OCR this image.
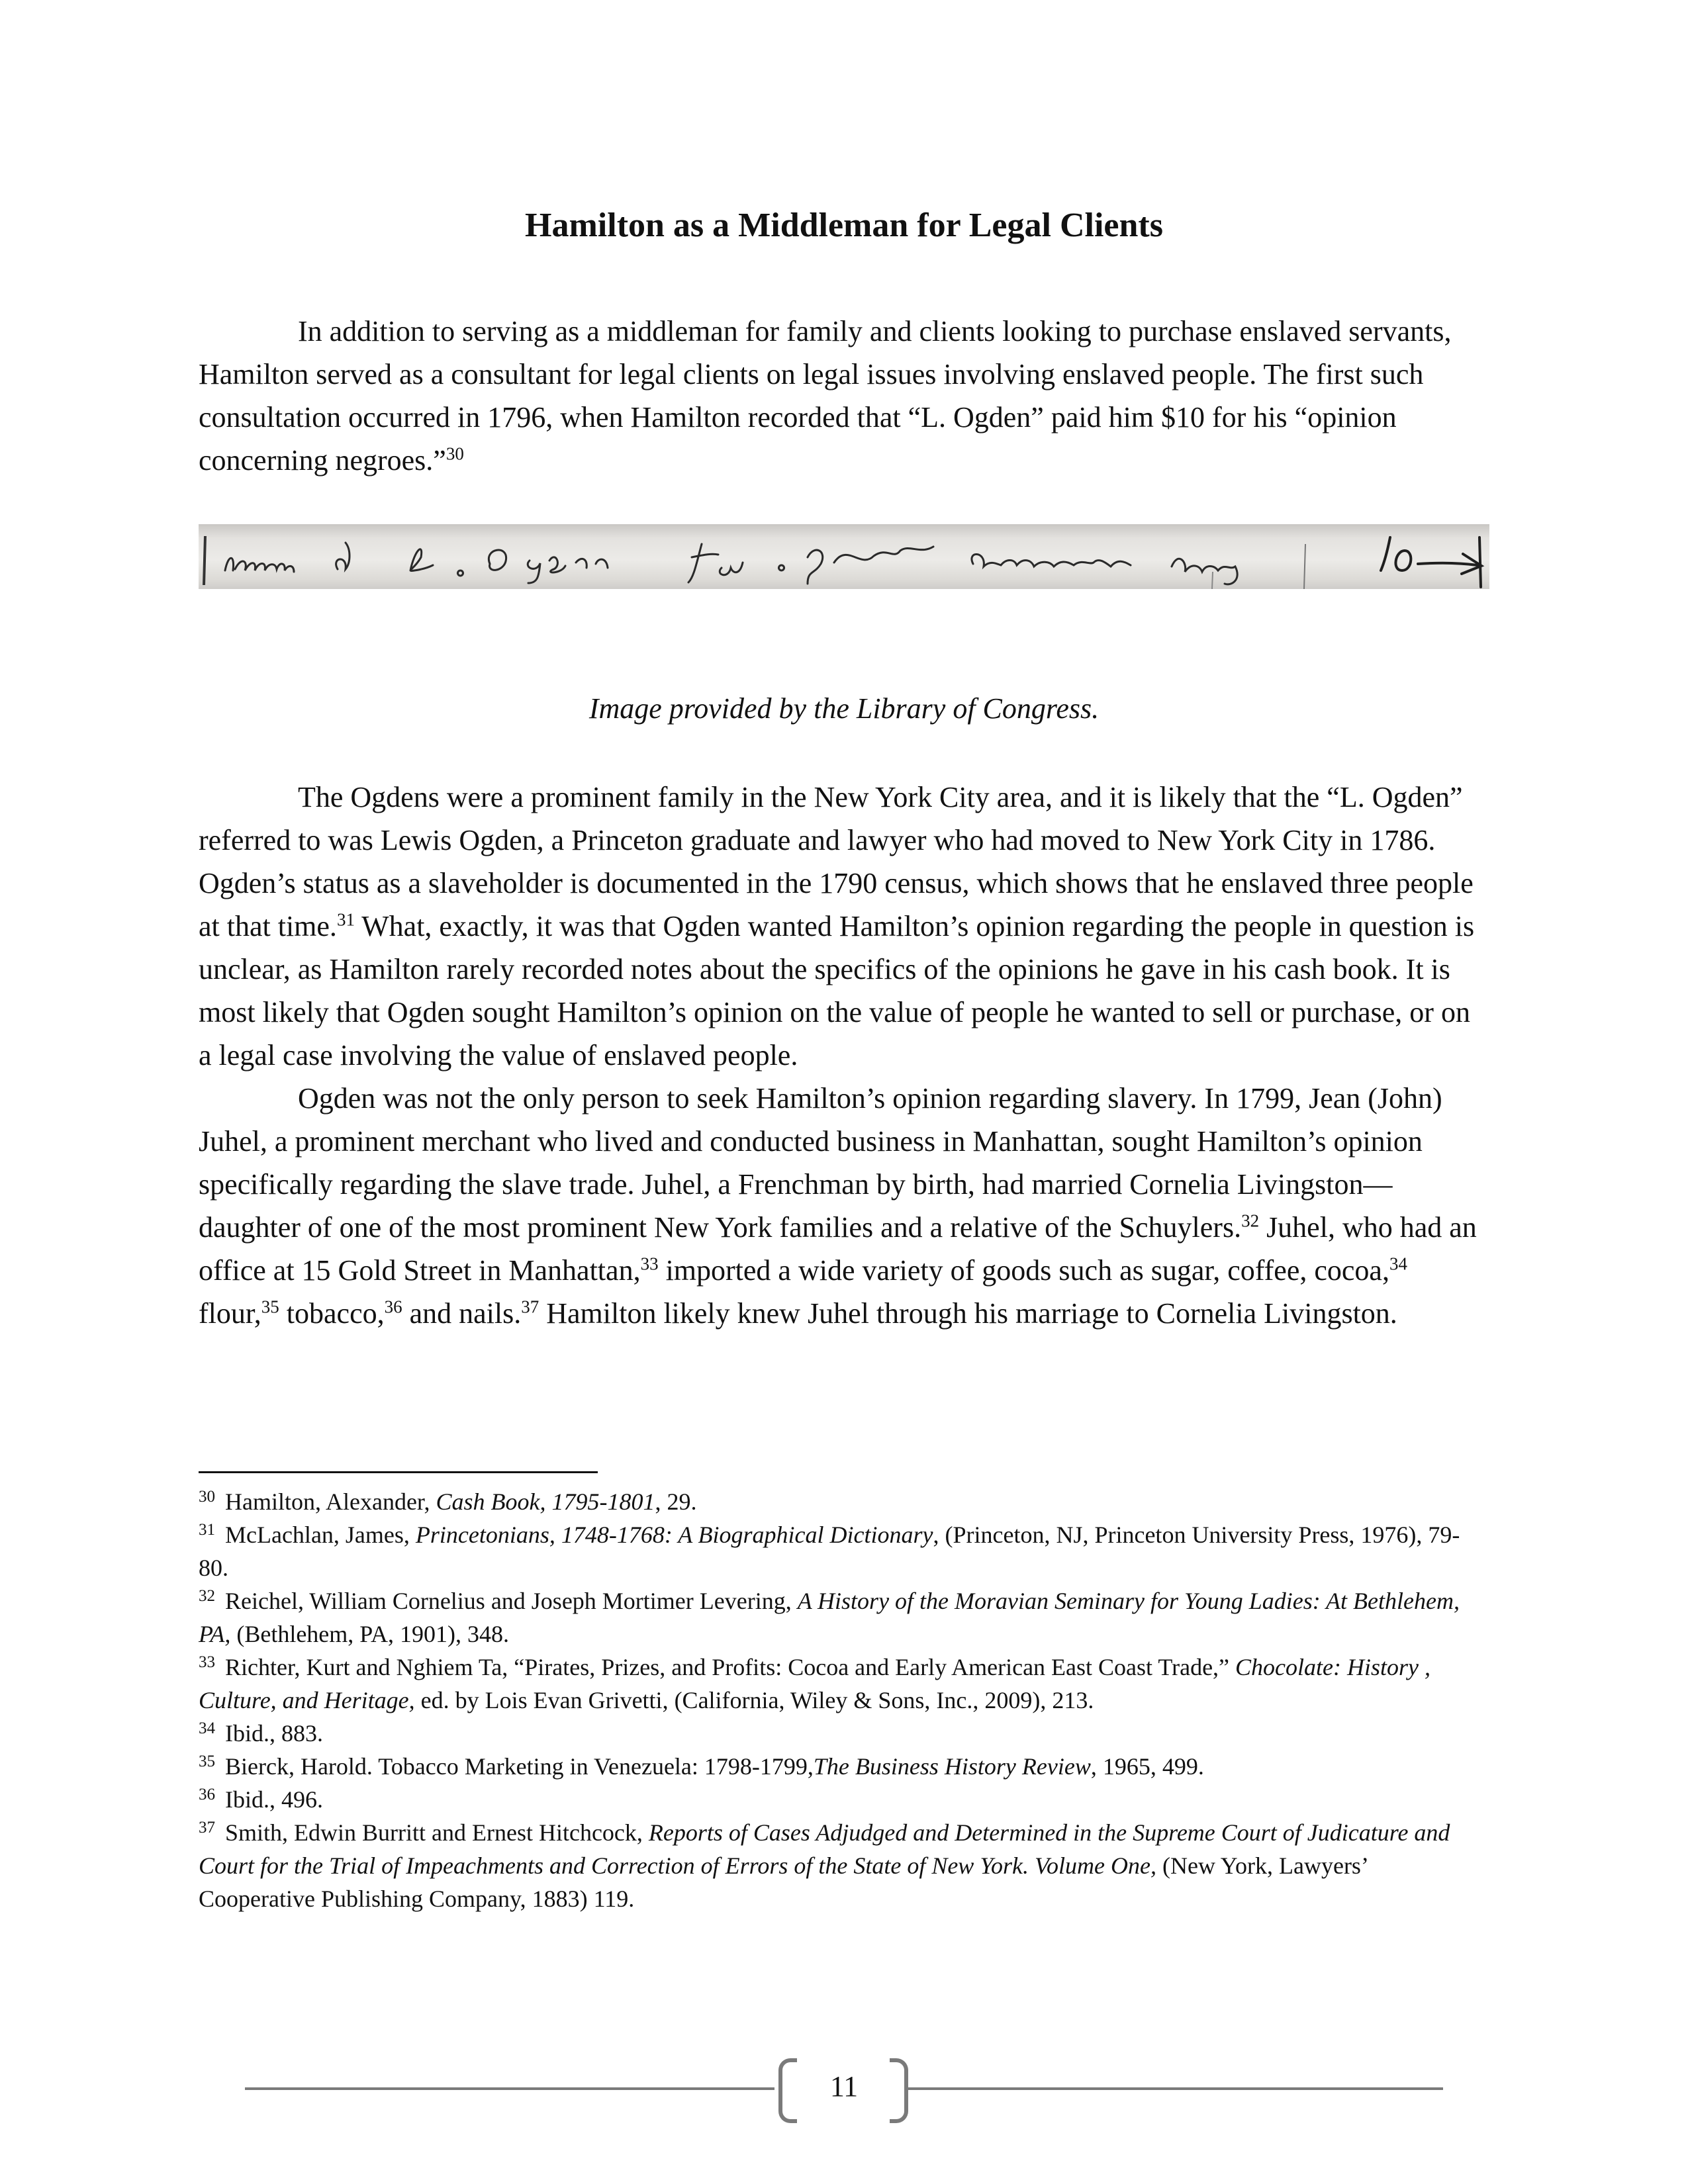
Hamilton as a Middleman for Legal Clients

In addition to serving as a middleman for family and clients looking to purchase enslaved servants, Hamilton served as a consultant for legal clients on legal issues involving enslaved people. The first such consultation occurred in 1796, when Hamilton recorded that “L. Ogden” paid him $10 for his “opinion concerning negroes.”$^{30}$

Image provided by the Library of Congress.

The Ogdens were a prominent family in the New York City area, and it is likely that the “L. Ogden” referred to was Lewis Ogden, a Princeton graduate and lawyer who had moved to New York City in 1786. Ogden’s status as a slaveholder is documented in the 1790 census, which shows that he enslaved three people at that time.$^{31}$ What, exactly, it was that Ogden wanted Hamilton’s opinion regarding the people in question is unclear, as Hamilton rarely recorded notes about the specifics of the opinions he gave in his cash book. It is most likely that Ogden sought Hamilton’s opinion on the value of people he wanted to sell or purchase, or on a legal case involving the value of enslaved people.

Ogden was not the only person to seek Hamilton’s opinion regarding slavery. In 1799, Jean (John) Juhel, a prominent merchant who lived and conducted business in Manhattan, sought Hamilton’s opinion specifically regarding the slave trade. Juhel, a Frenchman by birth, had married Cornelia Livingston—daughter of one of the most prominent New York families and a relative of the Schuylers.$^{32}$ Juhel, who had an office at 15 Gold Street in Manhattan,$^{33}$ imported a wide variety of goods such as sugar, coffee, cocoa,$^{34}$ flour,$^{35}$ tobacco,$^{36}$ and nails.$^{37}$ Hamilton likely knew Juhel through his marriage to Cornelia Livingston.

$^{30}$ Hamilton, Alexander, Cash Book, 1795-1801, 29.

$^{31}$ McLachlan, James, Princetonians, 1748-1768: A Biographical Dictionary, (Princeton, NJ, Princeton University Press, 1976), 79-80.

$^{32}$ Reichel, William Cornelius and Joseph Mortimer Levering, A History of the Moravian Seminary for Young Ladies: At Bethlehem, PA, (Bethlehem, PA, 1901), 348.

$^{33}$ Richter, Kurt and Nghiem Ta, “Pirates, Prizes, and Profits: Cocoa and Early American East Coast Trade,” Chocolate: History , Culture, and Heritage, ed. by Lois Evan Grivetti, (California, Wiley & Sons, Inc., 2009), 213.

$^{34}$ Ibid., 883.

$^{35}$ Bierck, Harold. Tobacco Marketing in Venezuela: 1798-1799,The Business History Review, 1965, 499.

$^{36}$ Ibid., 496.

$^{37}$ Smith, Edwin Burritt and Ernest Hitchcock, Reports of Cases Adjudged and Determined in the Supreme Court of Judicature and Court for the Trial of Impeachments and Correction of Errors of the State of New York. Volume One, (New York, Lawyers’ Cooperative Publishing Company, 1883) 119.

11
